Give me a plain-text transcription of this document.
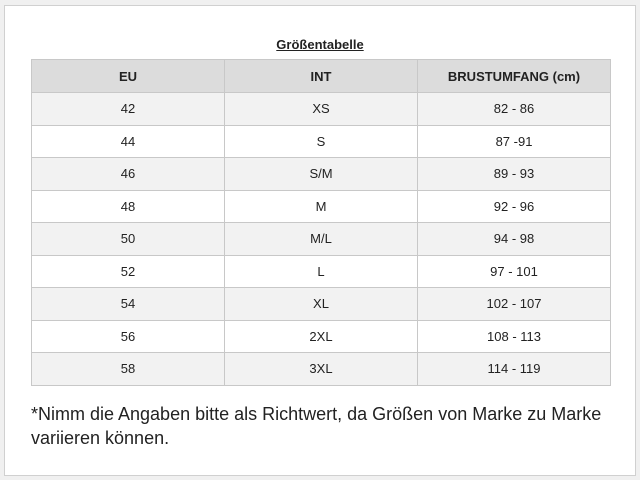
Größentabelle
EU	INT	BRUSTUMFANG (cm)
42	XS	82 - 86
44	S	87 -91
46	S/M	89 - 93
48	M	92 - 96
50	M/L	94 - 98
52	L	97 - 101
54	XL	102 - 107
56	2XL	108 - 113
58	3XL	114 - 119
*Nimm die Angaben bitte als Richtwert, da Größen von Marke zu Marke variieren können.
